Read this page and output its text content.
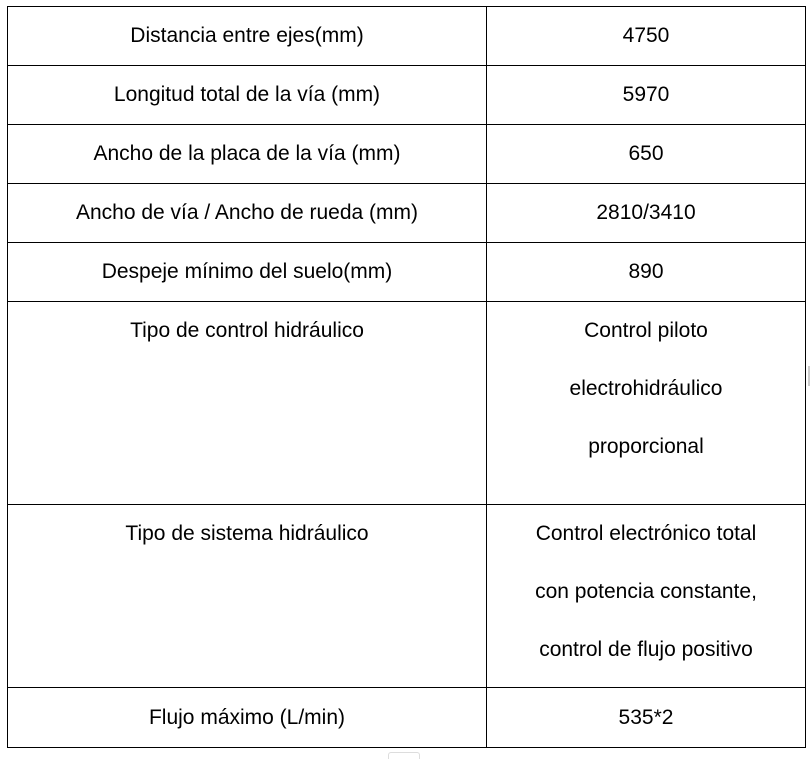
Distancia entre ejes(mm)	4750
Longitud total de la vía (mm)	5970
Ancho de la placa de la vía (mm)	650
Ancho de vía / Ancho de rueda (mm)	2810/3410
Despeje mínimo del suelo(mm)	890
Tipo de control hidráulico	Control piloto
electrohidráulico
proporcional

Tipo de sistema hidráulico	Control electrónico total
con potencia constante,
control de flujo positivo

Flujo máximo (L/min)	535*2
